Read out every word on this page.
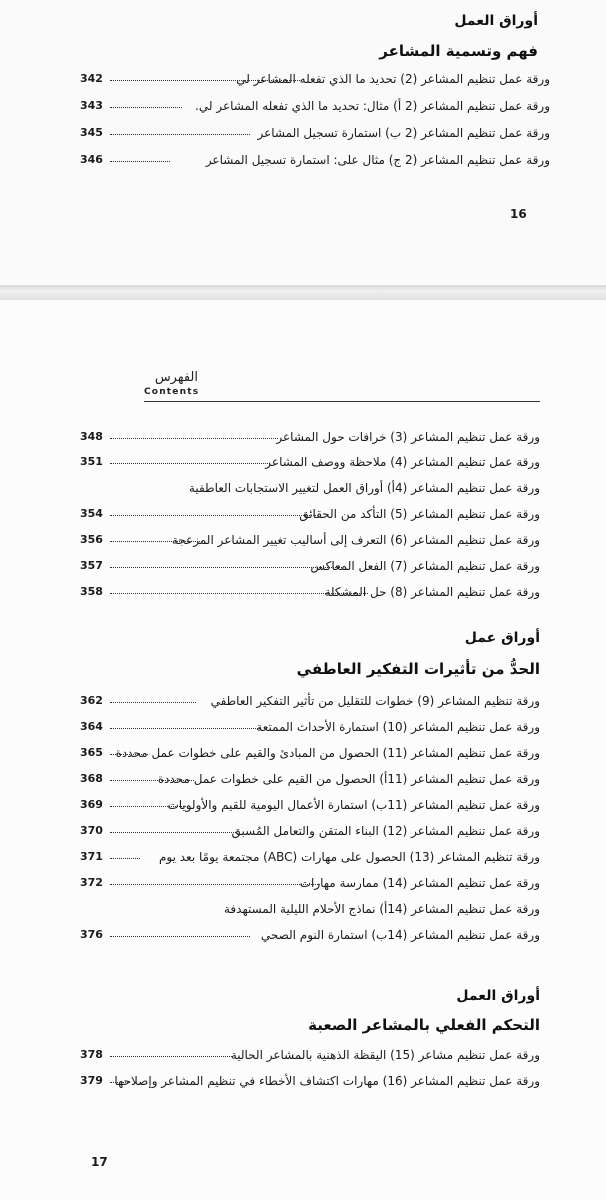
أوراق العمل
فهم وتسمية المشاعر
ورقة عمل تنظيم المشاعر (2) تحديد ما الذي تفعله المشاعر لي
342
ورقة عمل تنظيم المشاعر (2 أ) مثال: تحديد ما الذي تفعله المشاعر لي.
343
ورقة عمل تنظيم المشاعر (2 ب) استمارة تسجيل المشاعر
345
ورقة عمل تنظيم المشاعر (2 ج) مثال على: استمارة تسجيل المشاعر
346
16
الفهرس
Contents
ورقة عمل تنظيم المشاعر (3) خرافات حول المشاعر
348
ورقة عمل تنظيم المشاعر (4) ملاحظة ووصف المشاعر
351
ورقة عمل تنظيم المشاعر (4أ) أوراق العمل لتغيير الاستجابات العاطفية
ورقة عمل تنظيم المشاعر (5) التأكد من الحقائق
354
ورقة عمل تنظيم المشاعر (6) التعرف إلى أساليب تغيير المشاعر المزعجة
356
ورقة عمل تنظيم المشاعر (7) الفعل المعاكس
357
ورقة عمل تنظيم المشاعر (8) حل المشكلة
358
أوراق عمل
الحدُّ من تأثيرات التفكير العاطفي
ورقة تنظيم المشاعر (9) خطوات للتقليل من تأثير التفكير العاطفي
362
ورقة عمل تنظيم المشاعر (10) استمارة الأحداث الممتعة
364
ورقة عمل تنظيم المشاعر (11) الحصول من المبادئ والقيم على خطوات عمل محددة
365
ورقة عمل تنظيم المشاعر (11أ) الحصول من القيم على خطوات عمل محددة
368
ورقة عمل تنظيم المشاعر (11ب) استمارة الأعمال اليومية للقيم والأولويات
369
ورقة عمل تنظيم المشاعر (12) البناء المتقن والتعامل المُسبق
370
ورقة تنظيم المشاعر (13) الحصول على مهارات (ABC) مجتمعة يومًا بعد يوم
371
ورقة عمل تنظيم المشاعر (14) ممارسة مهارات
372
ورقة عمل تنظيم المشاعر (14أ) نماذج الأحلام الليلية المستهدفة
ورقة عمل تنظيم المشاعر (14ب) استمارة النوم الصحي
376
أوراق العمل
التحكم الفعلي بالمشاعر الصعبة
ورقة عمل تنظيم مشاعر (15) اليقظة الذهنية بالمشاعر الحالية
378
ورقة عمل تنظيم المشاعر (16) مهارات اكتشاف الأخطاء في تنظيم المشاعر وإصلاحها
379
17
